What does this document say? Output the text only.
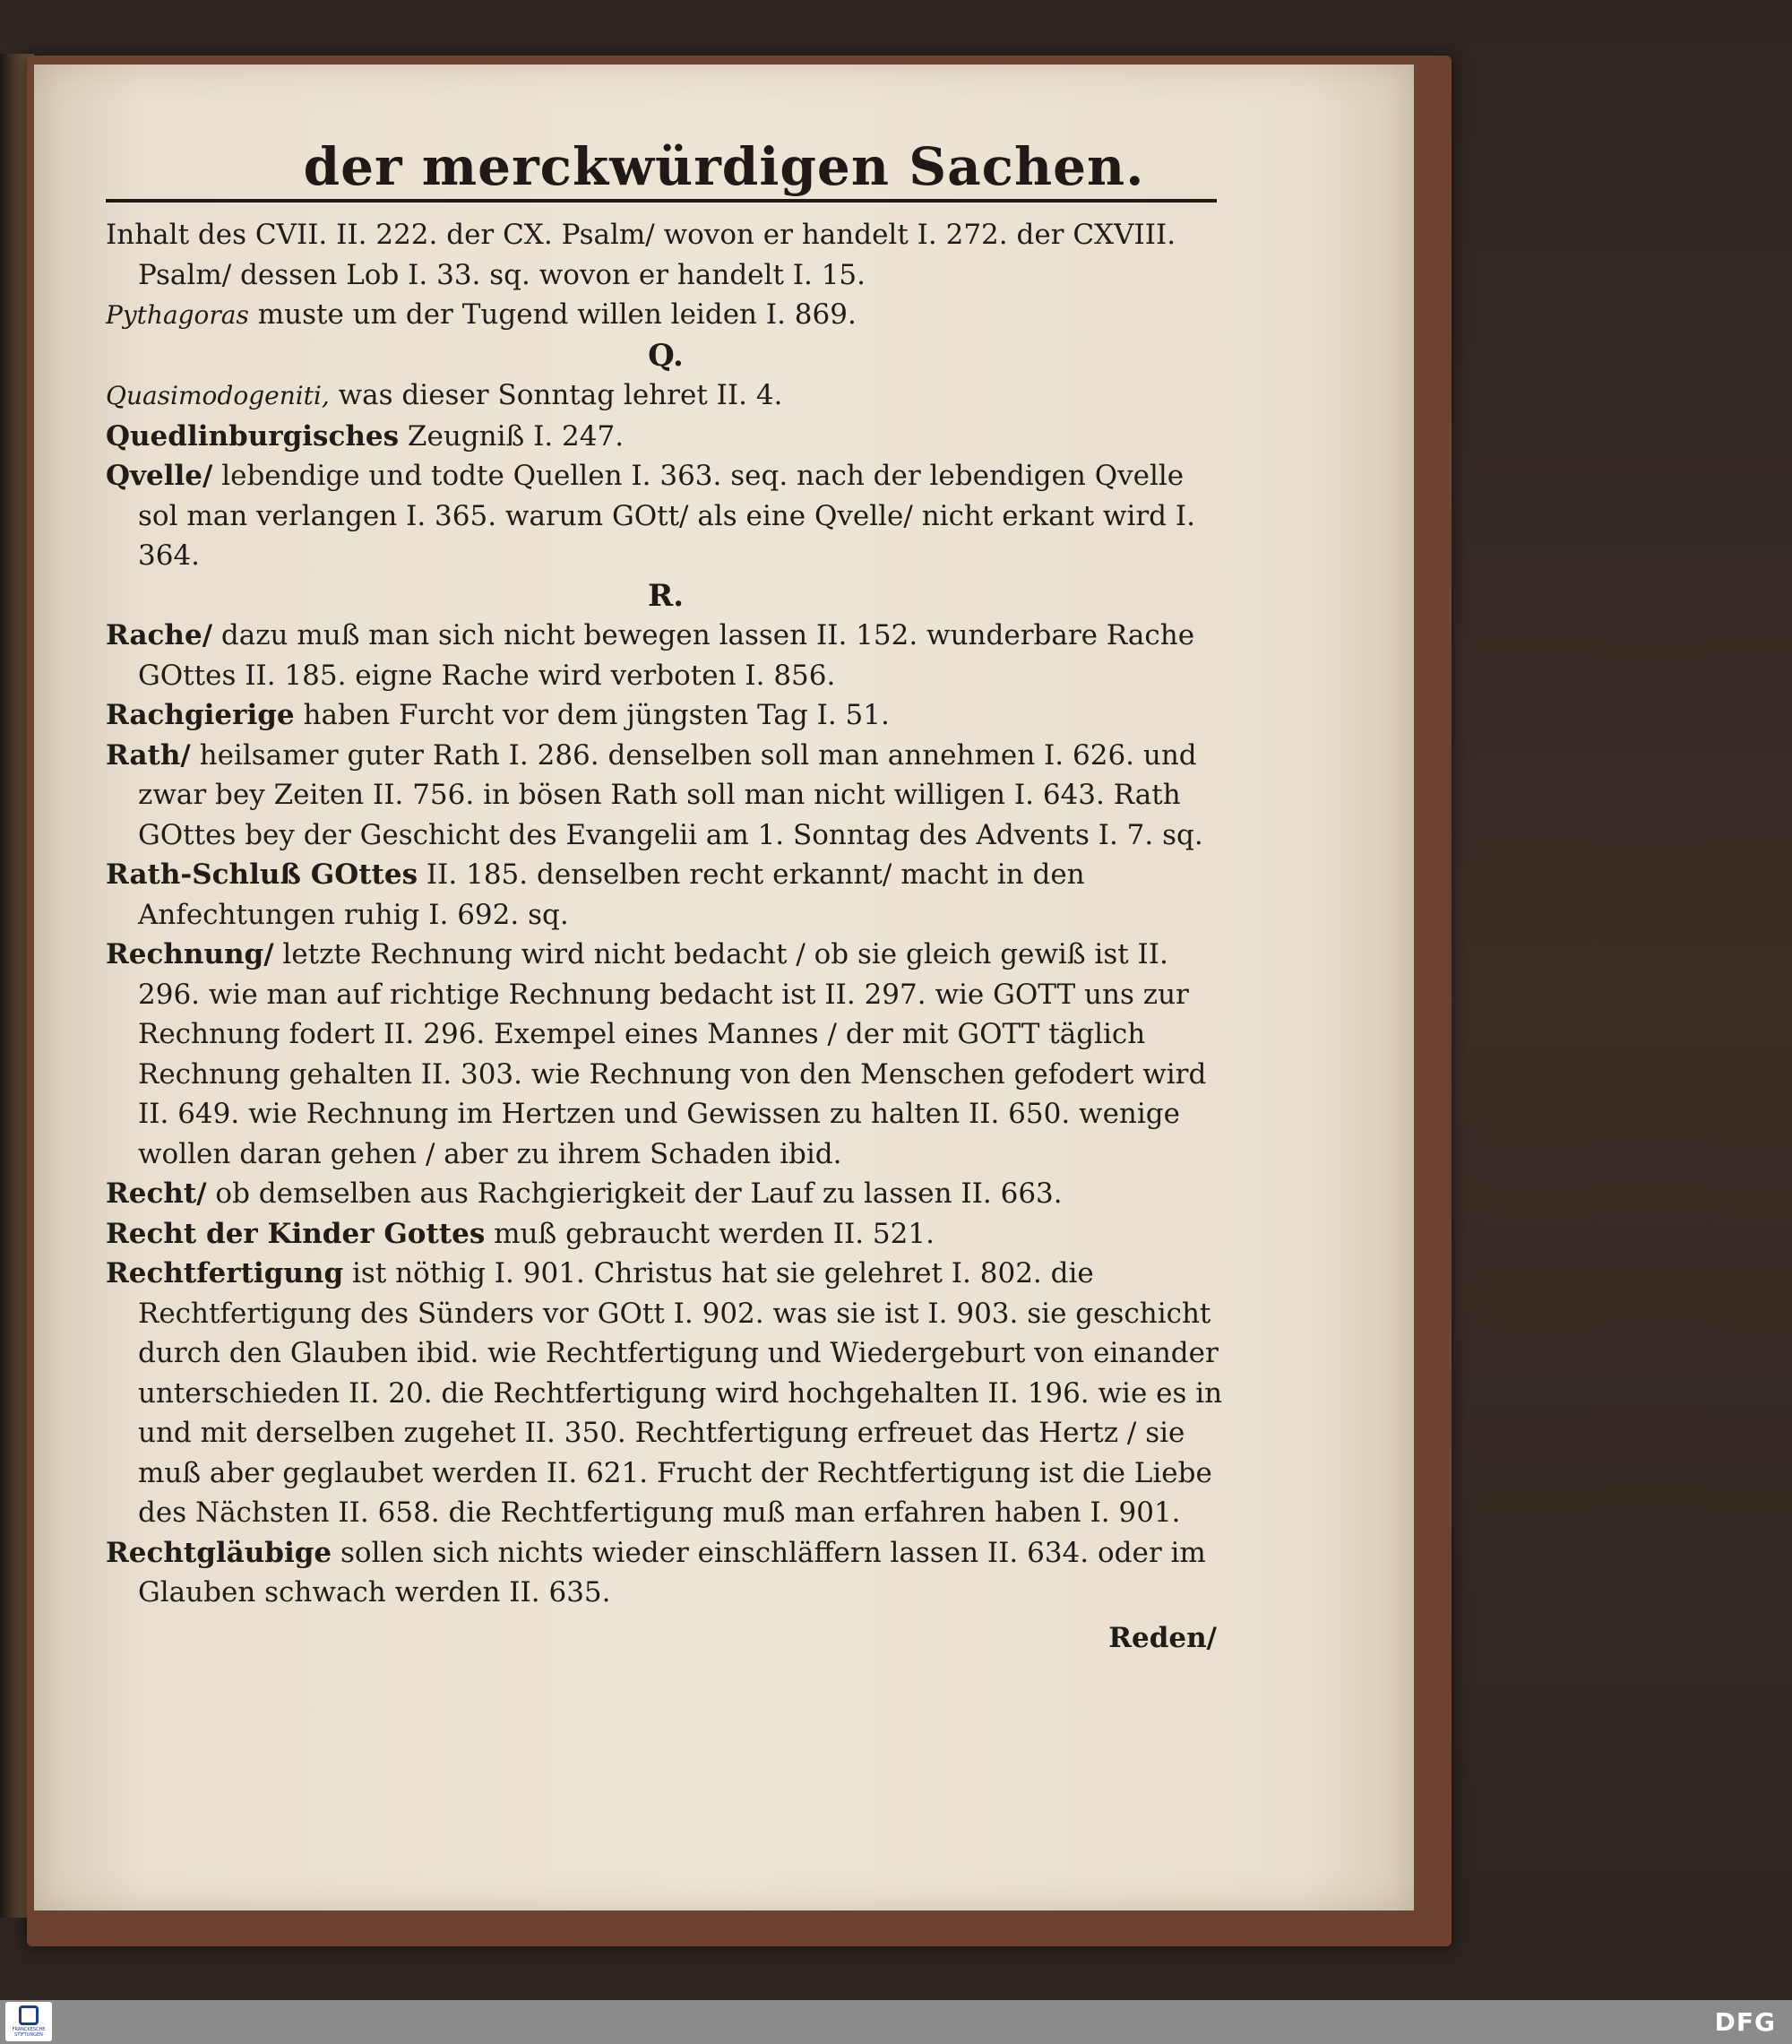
der merckwürdigen Sachen.

Inhalt des CVII. II. 222. der CX. Psalm/ wovon er handelt I. 272. der CXVIII. Psalm/ dessen Lob I. 33. sq. wovon er handelt I. 15.

Pythagoras muste um der Tugend willen leiden I. 869.

Q.

Quasimodogeniti, was dieser Sonntag lehret II. 4.

Quedlinburgisches Zeugniß I. 247.

Qvelle/ lebendige und todte Quellen I. 363. seq. nach der lebendigen Qvelle sol man verlangen I. 365. warum GOtt/ als eine Qvelle/ nicht erkant wird I. 364.

R.

Rache/ dazu muß man sich nicht bewegen lassen II. 152. wunderbare Rache GOttes II. 185. eigne Rache wird verboten I. 856.

Rachgierige haben Furcht vor dem jüngsten Tag I. 51.

Rath/ heilsamer guter Rath I. 286. denselben soll man annehmen I. 626. und zwar bey Zeiten II. 756. in bösen Rath soll man nicht willigen I. 643. Rath GOttes bey der Geschicht des Evangelii am 1. Sonntag des Advents I. 7. sq.

Rath-Schluß GOttes II. 185. denselben recht erkannt/ macht in den Anfechtungen ruhig I. 692. sq.

Rechnung/ letzte Rechnung wird nicht bedacht / ob sie gleich gewiß ist II. 296. wie man auf richtige Rechnung bedacht ist II. 297. wie GOTT uns zur Rechnung fodert II. 296. Exempel eines Mannes / der mit GOTT täglich Rechnung gehalten II. 303. wie Rechnung von den Menschen gefodert wird II. 649. wie Rechnung im Hertzen und Gewissen zu halten II. 650. wenige wollen daran gehen / aber zu ihrem Schaden ibid.

Recht/ ob demselben aus Rachgierigkeit der Lauf zu lassen II. 663.

Recht der Kinder Gottes muß gebraucht werden II. 521.

Rechtfertigung ist nöthig I. 901. Christus hat sie gelehret I. 802. die Rechtfertigung des Sünders vor GOtt I. 902. was sie ist I. 903. sie geschicht durch den Glauben ibid. wie Rechtfertigung und Wiedergeburt von einander unterschieden II. 20. die Rechtfertigung wird hochgehalten II. 196. wie es in und mit derselben zugehet II. 350. Rechtfertigung erfreuet das Hertz / sie muß aber geglaubet werden II. 621. Frucht der Rechtfertigung ist die Liebe des Nächsten II. 658. die Rechtfertigung muß man erfahren haben I. 901.

Rechtgläubige sollen sich nichts wieder einschläffern lassen II. 634. oder im Glauben schwach werden II. 635.

Reden/

FRANCKESCHE STIFTUNGEN	DFG
